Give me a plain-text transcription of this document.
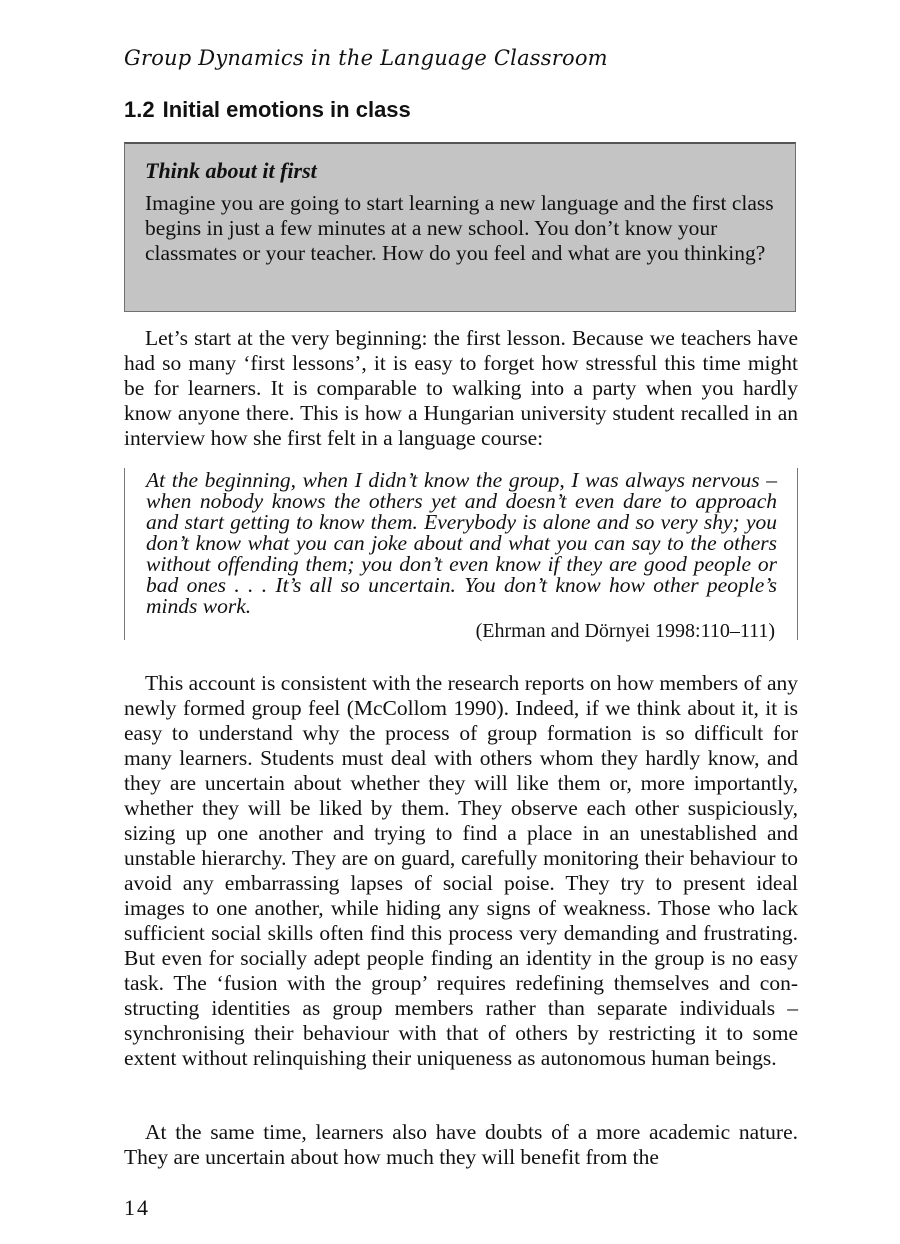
Group Dynamics in the Language Classroom
1.2 Initial emotions in class
Think about it first

Imagine you are going to start learning a new language and the first class begins in just a few minutes at a new school. You don’t know your classmates or your teacher. How do you feel and what are you thinking?

Let’s start at the very beginning: the first lesson. Because we teachers have had so many ‘first lessons’, it is easy to forget how stressful this time might be for learners. It is comparable to walking into a party when you hardly know anyone there. This is how a Hungarian university student recalled in an interview how she first felt in a language course:

At the beginning, when I didn’t know the group, I was always nervous – when nobody knows the others yet and doesn’t even dare to approach and start getting to know them. Everybody is alone and so very shy; you don’t know what you can joke about and what you can say to the others without offending them; you don’t even know if they are good people or bad ones . . . It’s all so uncertain. You don’t know how other people’s minds work.

(Ehrman and Dörnyei 1998:110–111)

This account is consistent with the research reports on how members of any newly formed group feel (McCollom 1990). Indeed, if we think about it, it is easy to understand why the process of group formation is so difficult for many learners. Students must deal with others whom they hardly know, and they are uncertain about whether they will like them or, more importantly, whether they will be liked by them. They observe each other suspiciously, sizing up one another and trying to find a place in an unestablished and unstable hierarchy. They are on guard, carefully monitoring their behaviour to avoid any embarrassing lapses of social poise. They try to present ideal images to one another, while hiding any signs of weakness. Those who lack sufficient social skills often find this process very demanding and frustrating. But even for socially adept people finding an identity in the group is no easy task. The ‘fusion with the group’ requires redefining themselves and constructing identities as group members rather than separate individuals – synchronising their behaviour with that of others by restricting it to some extent without relinquishing their uniqueness as autonomous human beings.

At the same time, learners also have doubts of a more academic nature. They are uncertain about how much they will benefit from the

14
